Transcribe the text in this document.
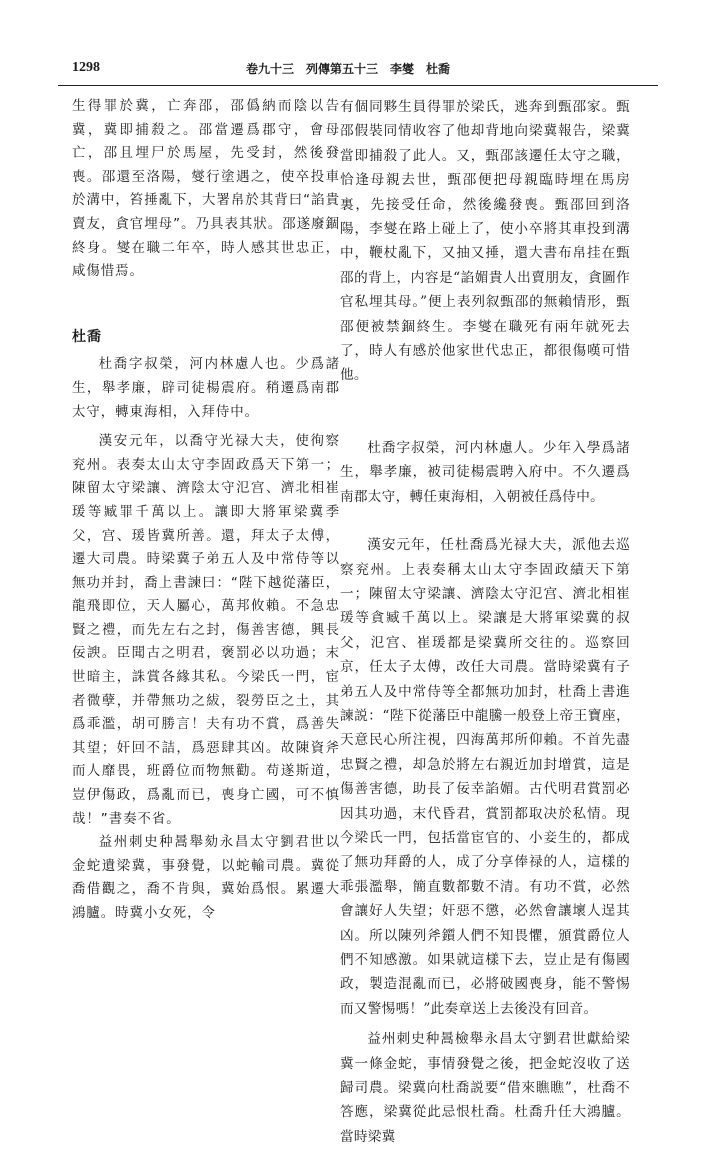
1298	卷九十三　列傳第五十三　李燮　杜喬

生得罪於冀，亡奔邵，邵僞納而陰以告冀，冀即捕殺之。邵當遷爲郡守，會母亡，邵且埋尸於馬屋，先受封，然後發喪。邵還至洛陽，燮行塗遇之，使卒投車於溝中，笞捶亂下，大署帛於其背曰“諂貴賣友，貪官埋母”。乃具表其狀。邵遂廢錮終身。燮在職二年卒，時人感其世忠正，咸傷惜焉。

杜喬

杜喬字叔榮，河内林慮人也。少爲諸生，舉孝廉，辟司徒楊震府。稍遷爲南郡太守，轉東海相，入拜侍中。

漢安元年，以喬守光禄大夫，使徇察兖州。表奏太山太守李固政爲天下第一；陳留太守梁讓、濟陰太守氾宫、濟北相崔瑗等臧罪千萬以上。讓即大將軍梁冀季父，宫、瑗皆冀所善。還，拜太子太傅，遷大司農。時梁冀子弟五人及中常侍等以無功并封，喬上書諫曰：“陛下越從藩臣，龍飛即位，天人屬心，萬邦攸賴。不急忠賢之禮，而先左右之封，傷善害德，興長佞諛。臣聞古之明君，褒罰必以功過；末世暗主，誅賞各緣其私。今梁氏一門，宦者微孽，并帶無功之紱，裂勞臣之土，其爲乖濫，胡可勝言！夫有功不賞，爲善失其望；奸回不詰，爲惡肆其凶。故陳資斧而人靡畏，班爵位而物無勸。苟遂斯道，豈伊傷政，爲亂而已，喪身亡國，可不慎哉！”書奏不省。

益州刺史种暠舉劾永昌太守劉君世以金蛇遺梁冀，事發覺，以蛇輸司農。冀從喬借觀之，喬不肯與，冀始爲恨。累遷大鴻臚。時冀小女死，令

有個同夥生員得罪於梁氏，逃奔到甄邵家。甄邵假裝同情收容了他却背地向梁冀報告，梁冀當即捕殺了此人。又，甄邵該遷任太守之職，恰逢母親去世，甄邵便把母親臨時埋在馬房裏，先接受任命，然後纔發喪。甄邵回到洛陽，李燮在路上碰上了，使小卒將其車投到溝中，鞭杖亂下，又抽又捶，還大書布帛挂在甄邵的背上，内容是“諂媚貴人出賣朋友，貪圖作官私埋其母。”便上表列叙甄邵的無賴情形，甄邵便被禁錮終生。李燮在職死有兩年就死去了，時人有感於他家世代忠正，都很傷嘆可惜他。

杜喬字叔榮，河内林慮人。少年入學爲諸生，舉孝廉，被司徒楊震聘入府中。不久遷爲南郡太守，轉任東海相，入朝被任爲侍中。

漢安元年，任杜喬爲光禄大夫，派他去巡察兖州。上表奏稱太山太守李固政績天下第一；陳留太守梁讓、濟陰太守氾宫、濟北相崔瑗等貪臧千萬以上。梁讓是大將軍梁冀的叔父，氾宫、崔瑗都是梁冀所交往的。巡察回京，任太子太傅，改任大司農。當時梁冀有子弟五人及中常侍等全都無功加封，杜喬上書進諫説：“陛下從藩臣中龍騰一般登上帝王寶座，天意民心所注視，四海萬邦所仰賴。不首先盡忠賢之禮，却急於將左右親近加封增賞，這是傷善害德，助長了佞幸諂媚。古代明君賞罰必因其功過，末代昏君，賞罰都取决於私情。現今梁氏一門，包括當宦官的、小妾生的，都成了無功拜爵的人，成了分享俸禄的人，這樣的乖張濫舉，簡直數都數不清。有功不賞，必然會讓好人失望；奸惡不懲，必然會讓壞人逞其凶。所以陳列斧鑕人們不知畏懼，頒賞爵位人們不知感激。如果就這樣下去，豈止是有傷國政，製造混亂而已，必將破國喪身，能不警惕而又警惕嗎！”此奏章送上去後没有回音。

益州刺史种暠檢舉永昌太守劉君世獻給梁冀一條金蛇，事情發覺之後，把金蛇沒收了送歸司農。梁冀向杜喬説要“借來瞧瞧”，杜喬不答應，梁冀從此忌恨杜喬。杜喬升任大鴻臚。當時梁冀
